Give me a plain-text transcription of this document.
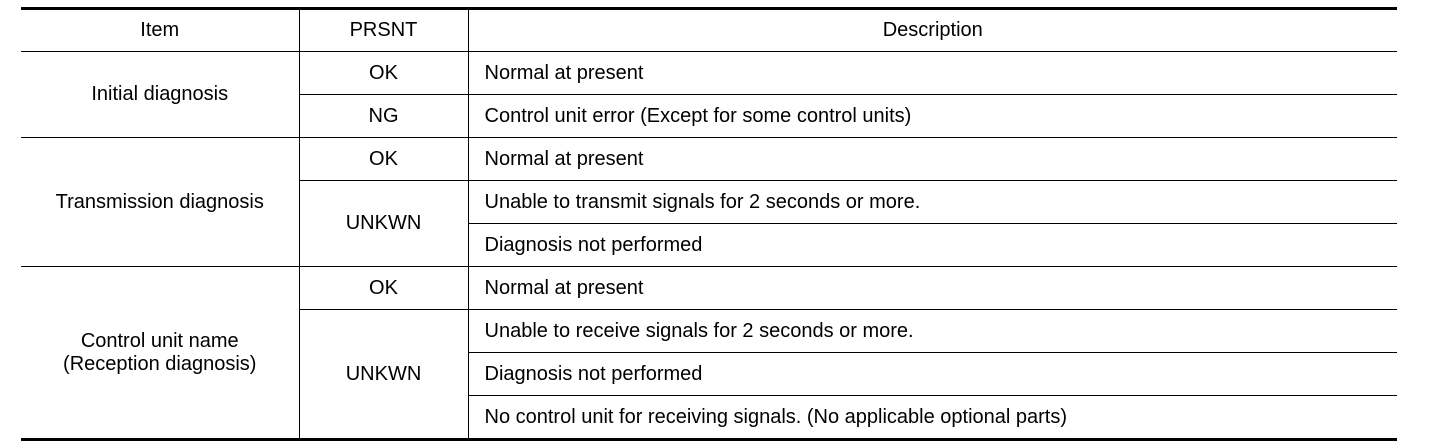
Item	PRSNT	Description

Initial diagnosis	OK	Normal at present
	NG	Control unit error (Except for some control units)

Transmission diagnosis	OK	Normal at present
	UNKWN	Unable to transmit signals for 2 seconds or more.
		Diagnosis not performed

Control unit name
(Reception diagnosis)	OK	Normal at present
	UNKWN	Unable to receive signals for 2 seconds or more.
		Diagnosis not performed
		No control unit for receiving signals. (No applicable optional parts)
